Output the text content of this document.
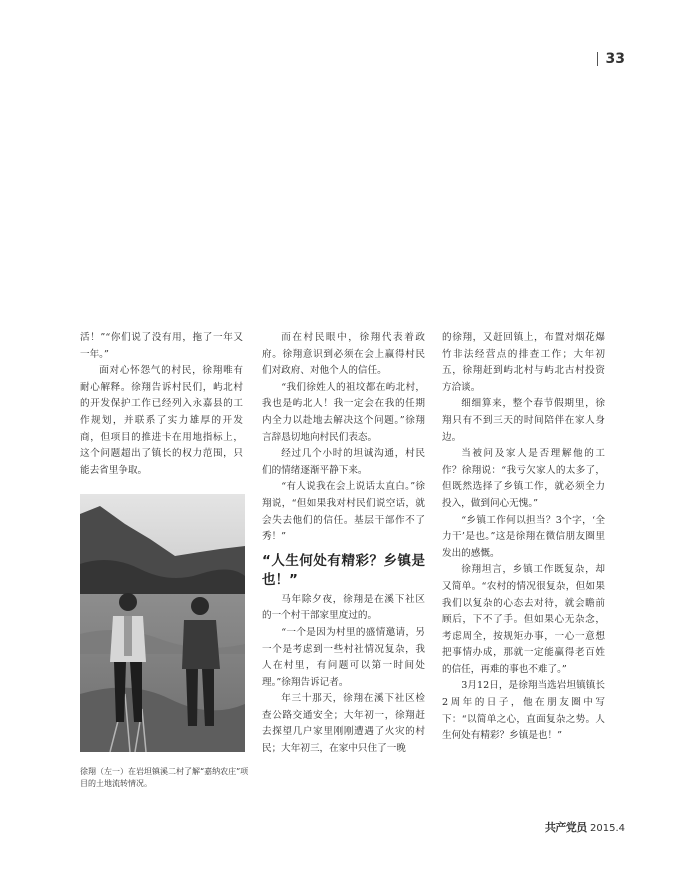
33

活！”“你们说了没有用，拖了一年又一年。”

面对心怀怨气的村民，徐翔唯有耐心解释。徐翔告诉村民们，屿北村的开发保护工作已经列入永嘉县的工作规划，并联系了实力雄厚的开发商，但项目的推进卡在用地指标上，这个问题超出了镇长的权力范围，只能去省里争取。

徐翔（左一）在岩坦镇溪二村了解“嘉纳农庄”项目的土地流转情况。

而在村民眼中，徐翔代表着政府。徐翔意识到必须在会上赢得村民们对政府、对他个人的信任。

“我们徐姓人的祖坟都在屿北村，我也是屿北人！我一定会在我的任期内全力以赴地去解决这个问题。”徐翔言辞恳切地向村民们表态。

经过几个小时的坦诚沟通，村民们的情绪逐渐平静下来。

“有人说我在会上说话太直白。”徐翔说，“但如果我对村民们说空话，就会失去他们的信任。基层干部作不了秀！”

“人生何处有精彩？乡镇是也！”

马年除夕夜，徐翔是在溪下社区的一个村干部家里度过的。

“一个是因为村里的盛情邀请，另一个是考虑到一些村社情况复杂，我人在村里，有问题可以第一时间处理。”徐翔告诉记者。

年三十那天，徐翔在溪下社区检查公路交通安全；大年初一，徐翔赶去探望几户家里刚刚遭遇了火灾的村民；大年初三，在家中只住了一晚

的徐翔，又赶回镇上，布置对烟花爆竹非法经营点的排查工作；大年初五，徐翔赶到屿北村与屿北古村投资方洽谈。

细细算来，整个春节假期里，徐翔只有不到三天的时间陪伴在家人身边。

当被问及家人是否理解他的工作？徐翔说：“我亏欠家人的太多了，但既然选择了乡镇工作，就必须全力投入，做到问心无愧。”

“乡镇工作何以担当？3个字，‘全力干’是也。”这是徐翔在微信朋友圈里发出的感慨。

徐翔坦言，乡镇工作既复杂，却又简单。“农村的情况很复杂，但如果我们以复杂的心态去对待，就会瞻前顾后，下不了手。但如果心无杂念，考虑周全，按规矩办事，一心一意想把事情办成，那就一定能赢得老百姓的信任，再难的事也不难了。”

3月12日，是徐翔当选岩坦镇镇长2周年的日子，他在朋友圈中写下：“以简单之心，直面复杂之势。人生何处有精彩？乡镇是也！”

共产党员 2015.4
